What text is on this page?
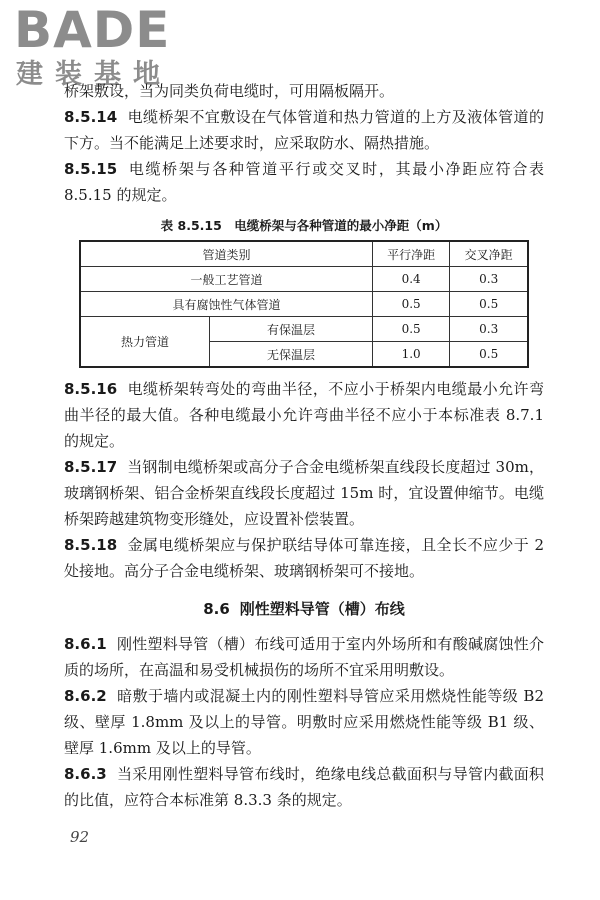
BADE
建装基地

桥架敷设，当为同类负荷电缆时，可用隔板隔开。

8.5.14 电缆桥架不宜敷设在气体管道和热力管道的上方及液体管道的下方。当不能满足上述要求时，应采取防水、隔热措施。

8.5.15 电缆桥架与各种管道平行或交叉时，其最小净距应符合表 8.5.15 的规定。

表 8.5.15　电缆桥架与各种管道的最小净距（m）
管道类别		平行净距	交叉净距
一般工艺管道		0.4	0.3
具有腐蚀性气体管道		0.5	0.5
热力管道	有保温层	0.5	0.3
	无保温层	1.0	0.5

8.5.16 电缆桥架转弯处的弯曲半径，不应小于桥架内电缆最小允许弯曲半径的最大值。各种电缆最小允许弯曲半径不应小于本标准表 8.7.1 的规定。

8.5.17 当钢制电缆桥架或高分子合金电缆桥架直线段长度超过 30m，玻璃钢桥架、铝合金桥架直线段长度超过 15m 时，宜设置伸缩节。电缆桥架跨越建筑物变形缝处，应设置补偿装置。

8.5.18 金属电缆桥架应与保护联结导体可靠连接，且全长不应少于 2 处接地。高分子合金电缆桥架、玻璃钢桥架可不接地。

8.6 刚性塑料导管（槽）布线

8.6.1 刚性塑料导管（槽）布线可适用于室内外场所和有酸碱腐蚀性介质的场所，在高温和易受机械损伤的场所不宜采用明敷设。

8.6.2 暗敷于墙内或混凝土内的刚性塑料导管应采用燃烧性能等级 B2 级、壁厚 1.8mm 及以上的导管。明敷时应采用燃烧性能等级 B1 级、壁厚 1.6mm 及以上的导管。

8.6.3 当采用刚性塑料导管布线时，绝缘电线总截面积与导管内截面积的比值，应符合本标准第 8.3.3 条的规定。

92
